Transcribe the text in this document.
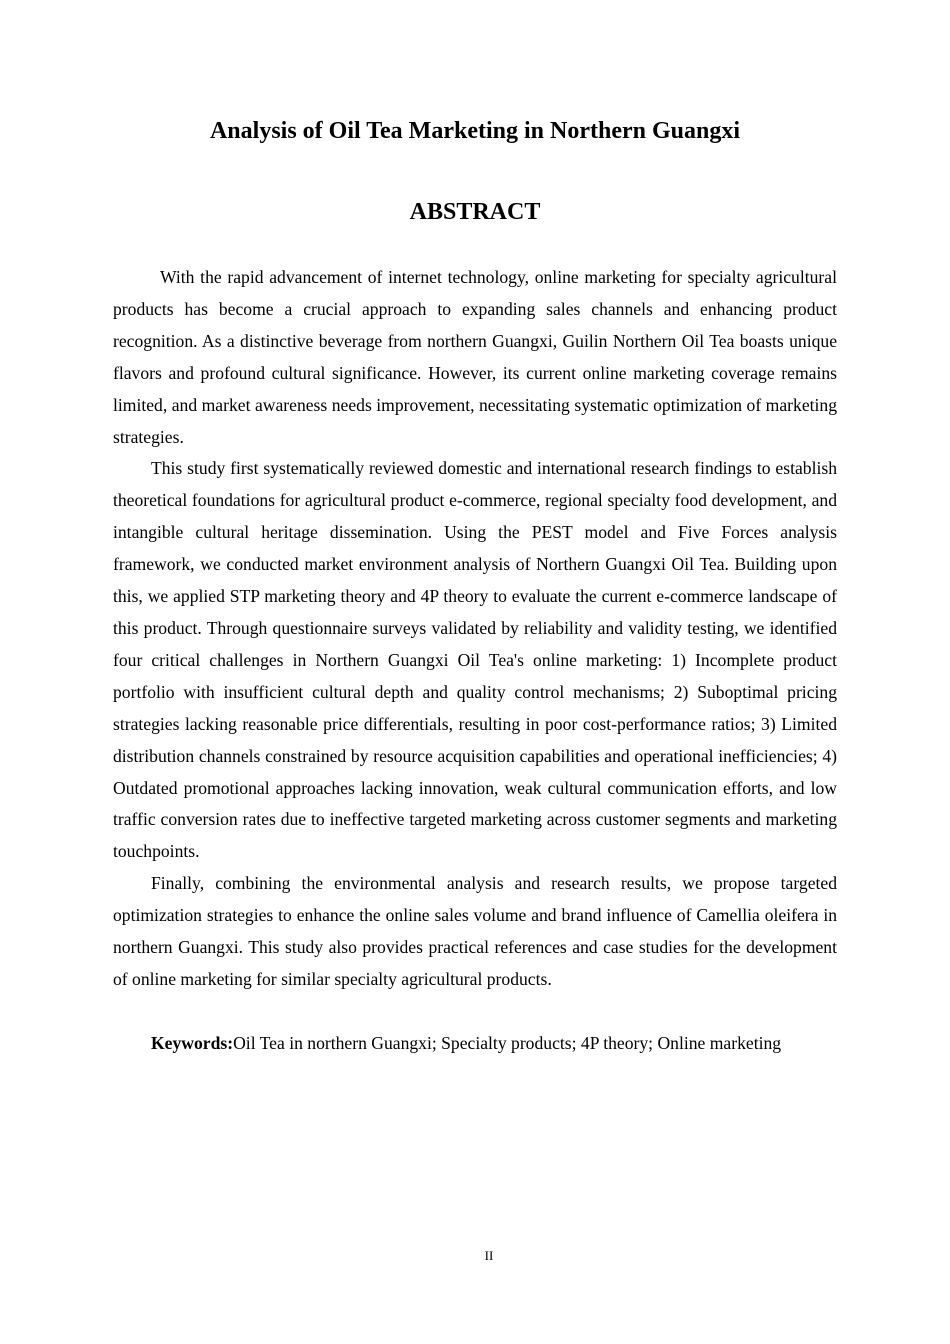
Analysis of Oil Tea Marketing in Northern Guangxi
ABSTRACT

With the rapid advancement of internet technology, online marketing for specialty agricultural products has become a crucial approach to expanding sales channels and enhancing product recognition. As a distinctive beverage from northern Guangxi, Guilin Northern Oil Tea boasts unique flavors and profound cultural significance. However, its current online marketing coverage remains limited, and market awareness needs improvement, necessitating systematic optimization of marketing strategies.

This study first systematically reviewed domestic and international research findings to establish theoretical foundations for agricultural product e-commerce, regional specialty food development, and intangible cultural heritage dissemination. Using the PEST model and Five Forces analysis framework, we conducted market environment analysis of Northern Guangxi Oil Tea. Building upon this, we applied STP marketing theory and 4P theory to evaluate the current e-commerce landscape of this product. Through questionnaire surveys validated by reliability and validity testing, we identified four critical challenges in Northern Guangxi Oil Tea's online marketing: 1) Incomplete product portfolio with insufficient cultural depth and quality control mechanisms; 2) Suboptimal pricing strategies lacking reasonable price differentials, resulting in poor cost-performance ratios; 3) Limited distribution channels constrained by resource acquisition capabilities and operational inefficiencies; 4) Outdated promotional approaches lacking innovation, weak cultural communication efforts, and low traffic conversion rates due to ineffective targeted marketing across customer segments and marketing touchpoints.

Finally, combining the environmental analysis and research results, we propose targeted optimization strategies to enhance the online sales volume and brand influence of Camellia oleifera in northern Guangxi. This study also provides practical references and case studies for the development of online marketing for similar specialty agricultural products.

Keywords:Oil Tea in northern Guangxi; Specialty products; 4P theory; Online marketing

II
